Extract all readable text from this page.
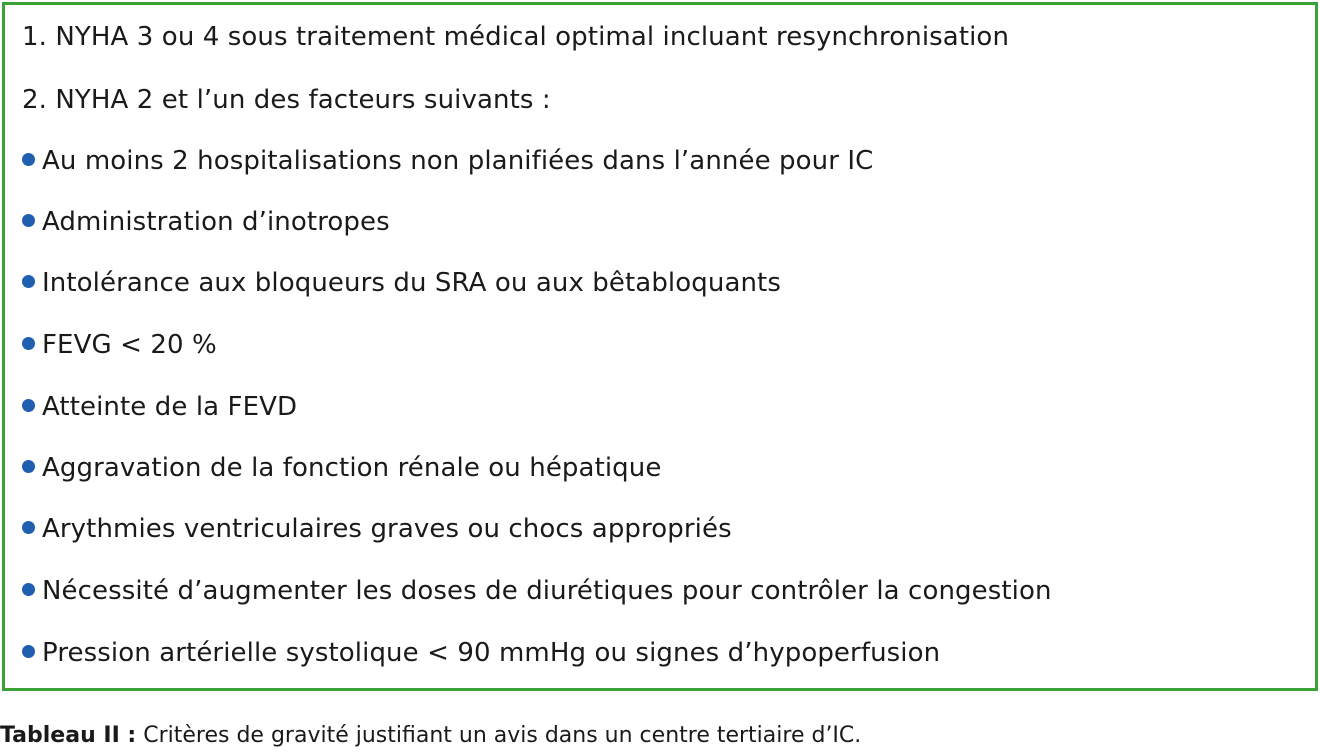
1. NYHA 3 ou 4 sous traitement médical optimal incluant resynchronisation
2. NYHA 2 et l’un des facteurs suivants :
Au moins 2 hospitalisations non planifiées dans l’année pour IC
Administration d’inotropes
Intolérance aux bloqueurs du SRA ou aux bêtabloquants
FEVG < 20 %
Atteinte de la FEVD
Aggravation de la fonction rénale ou hépatique
Arythmies ventriculaires graves ou chocs appropriés
Nécessité d’augmenter les doses de diurétiques pour contrôler la congestion
Pression artérielle systolique < 90 mmHg ou signes d’hypoperfusion
Tableau II : Critères de gravité justifiant un avis dans un centre tertiaire d’IC.
